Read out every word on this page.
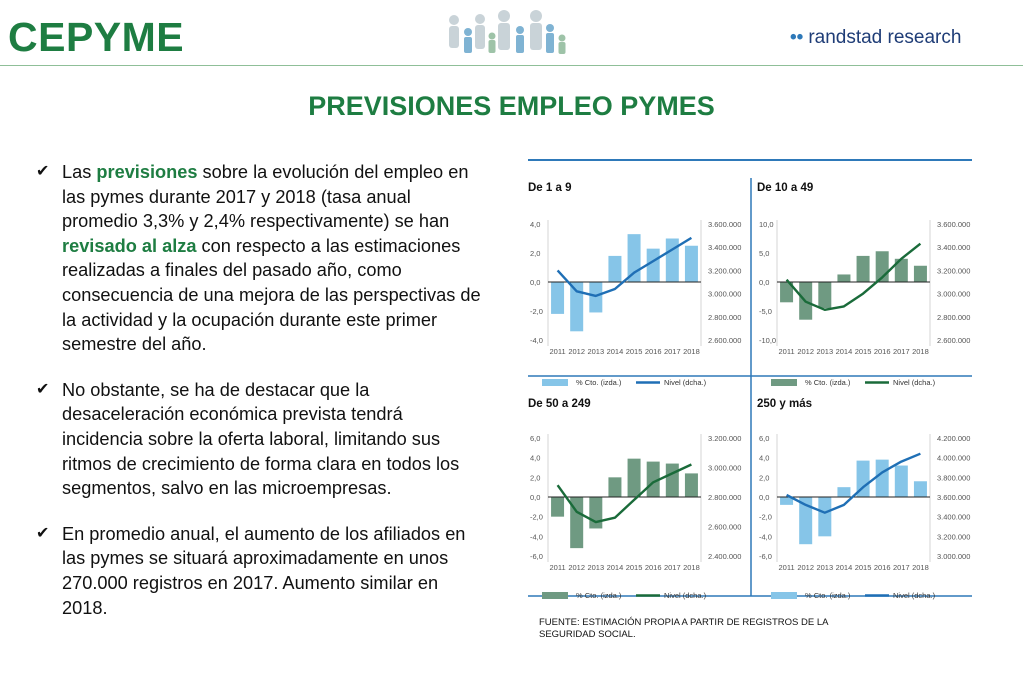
CEPYME	•• randstad research
PREVISIONES EMPLEO PYMES
✔ Las previsiones sobre la evolución del empleo en las pymes durante 2017 y 2018 (tasa anual promedio 3,3% y 2,4% respectivamente) se han revisado al alza con respecto a las estimaciones realizadas a finales del pasado año, como consecuencia de una mejora de las perspectivas de la actividad y la ocupación durante este primer semestre del año.
✔ No obstante, se ha de destacar que la desaceleración económica prevista tendrá incidencia sobre la oferta laboral, limitando sus ritmos de crecimiento de forma clara en todos los segmentos, salvo en las microempresas.
✔ En promedio anual, el aumento de los afiliados en las pymes se situará aproximadamente en unos 270.000 registros en 2017. Aumento similar en 2018.
De 1 a 9
4,0
2,0
0,0
-2,0
-4,0
3.600.000
3.400.000
3.200.000
3.000.000
2.800.000
2.600.000
2011 2012 2013 2014 2015 2016 2017 2018
% Cto. (izda.)	Nivel (dcha.)
De 10 a 49
10,0
5,0
0,0
-5,0
-10,0
3.600.000
3.400.000
3.200.000
3.000.000
2.800.000
2.600.000
2011 2012 2013 2014 2015 2016 2017 2018
% Cto. (izda.)	Nivel (dcha.)
De 50 a 249
6,0
4,0
2,0
0,0
-2,0
-4,0
-6,0
3.200.000
3.000.000
2.800.000
2.600.000
2.400.000
2011 2012 2013 2014 2015 2016 2017 2018
% Cto. (izda.)	Nivel (dcha.)
250 y más
6,0
4,0
2,0
0,0
-2,0
-4,0
-6,0
4.200.000
4.000.000
3.800.000
3.600.000
3.400.000
3.200.000
3.000.000
2011 2012 2013 2014 2015 2016 2017 2018
% Cto. (izda.)	Nivel (dcha.)
FUENTE: ESTIMACIÓN PROPIA A PARTIR DE REGISTROS DE LA SEGURIDAD SOCIAL.
